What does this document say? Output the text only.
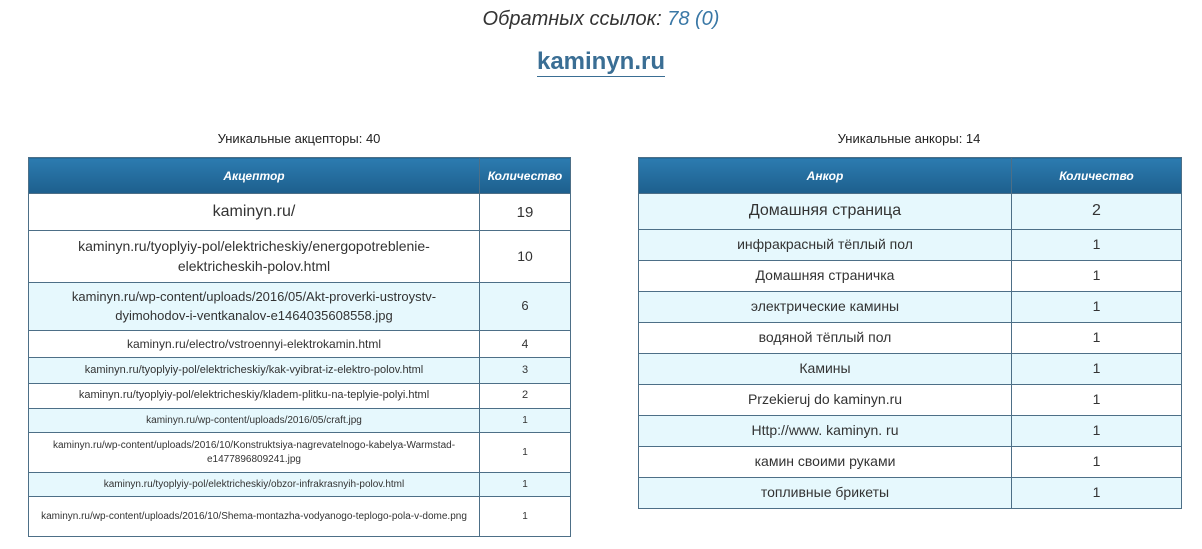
Обратных ссылок: 78 (0)
kaminyn.ru
Уникальные акцепторы: 40	Уникальные анкоры: 14
Акцептор	Количество
kaminyn.ru/	19
kaminyn.ru/tyoplyiy-pol/elektricheskiy/energopotreblenie-elektricheskih-polov.html	10
kaminyn.ru/wp-content/uploads/2016/05/Akt-proverki-ustroystv-dyimohodov-i-ventkanalov-e1464035608558.jpg	6
kaminyn.ru/electro/vstroennyi-elektrokamin.html	4
kaminyn.ru/tyoplyiy-pol/elektricheskiy/kak-vyibrat-iz-elektro-polov.html	3
kaminyn.ru/tyoplyiy-pol/elektricheskiy/kladem-plitku-na-teplyie-polyi.html	2
kaminyn.ru/wp-content/uploads/2016/05/craft.jpg	1
kaminyn.ru/wp-content/uploads/2016/10/Konstruktsiya-nagrevatelnogo-kabelya-Warmstad-e1477896809241.jpg	1
kaminyn.ru/tyoplyiy-pol/elektricheskiy/obzor-infrakrasnyih-polov.html	1
kaminyn.ru/wp-content/uploads/2016/10/Shema-montazha-vodyanogo-teplogo-pola-v-dome.png	1
Анкор	Количество
Домашняя страница	2
инфракрасный тёплый пол	1
Домашняя страничка	1
электрические камины	1
водяной тёплый пол	1
Камины	1
Przekieruj do kaminyn.ru	1
Http://www. kaminyn. ru	1
камин своими руками	1
топливные брикеты	1
